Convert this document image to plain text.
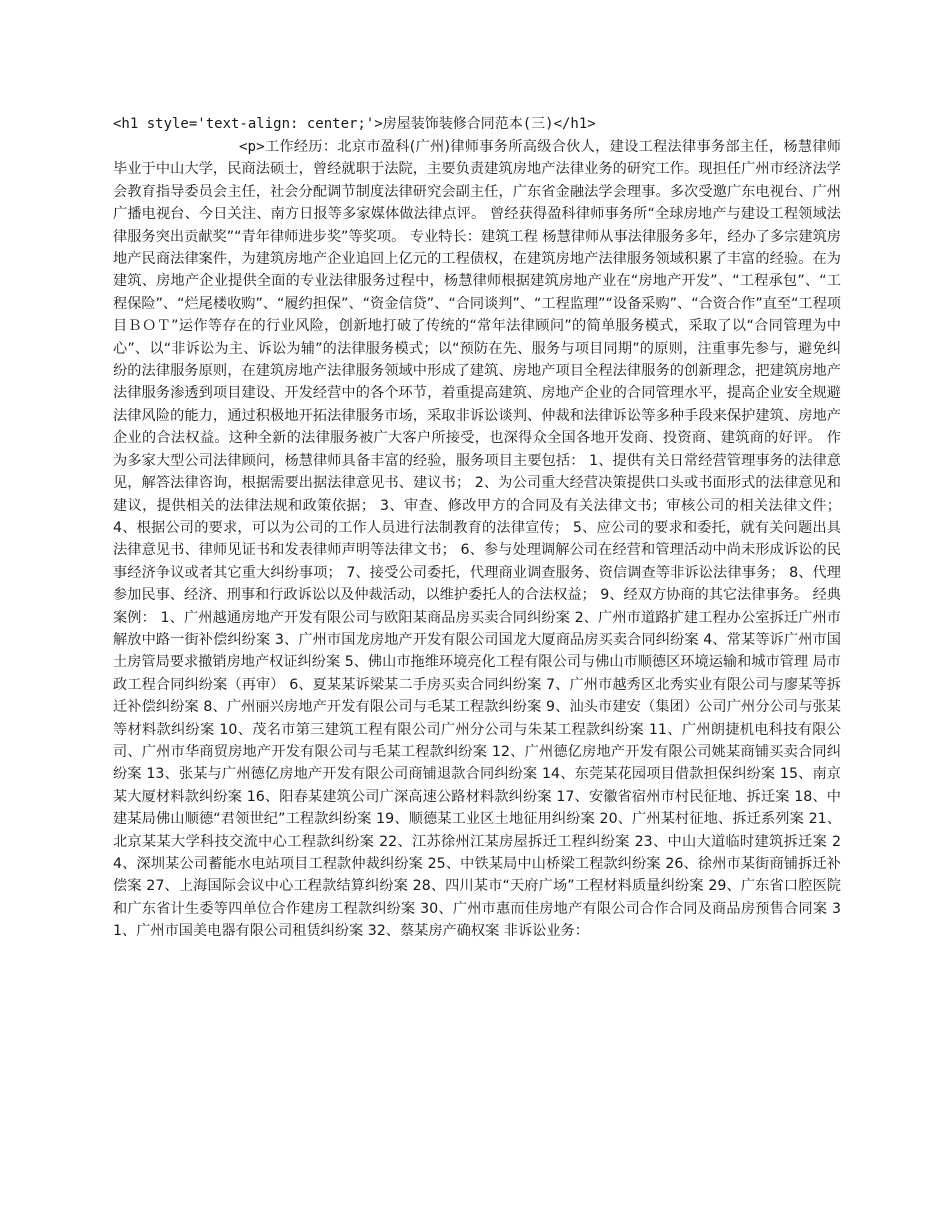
<h1 style='text-align: center;'>房屋装饰装修合同范本(三)</h1>

<p>工作经历：北京市盈科(广州)律师事务所高级合伙人，建设工程法律事务部主任，杨慧律师毕业于中山大学，民商法硕士，曾经就职于法院，主要负责建筑房地产法律业务的研究工作。现担任广州市经济法学会教育指导委员会主任，社会分配调节制度法律研究会副主任，广东省金融法学会理事。多次受邀广东电视台、广州广播电视台、今日关注、南方日报等多家媒体做法律点评。 曾经获得盈科律师事务所“全球房地产与建设工程领域法律服务突出贡献奖”“青年律师进步奖”等奖项。 专业特长：建筑工程 杨慧律师从事法律服务多年，经办了多宗建筑房地产民商法律案件，为建筑房地产企业追回上亿元的工程债权，在建筑房地产法律服务领域积累了丰富的经验。在为建筑、房地产企业提供全面的专业法律服务过程中，杨慧律师根据建筑房地产业在“房地产开发”、“工程承包”、“工程保险”、“烂尾楼收购”、“履约担保”、“资金信贷”、“合同谈判”、“工程监理”“设备采购”、“合资合作”直至“工程项目ＢＯＴ”运作等存在的行业风险，创新地打破了传统的“常年法律顾问”的简单服务模式，采取了以“合同管理为中心”、以“非诉讼为主、诉讼为辅”的法律服务模式；以“预防在先、服务与项目同期”的原则，注重事先参与，避免纠纷的法律服务原则，在建筑房地产法律服务领域中形成了建筑、房地产项目全程法律服务的创新理念，把建筑房地产法律服务渗透到项目建设、开发经营中的各个环节，着重提高建筑、房地产企业的合同管理水平，提高企业安全规避法律风险的能力，通过积极地开拓法律服务市场，采取非诉讼谈判、仲裁和法律诉讼等多种手段来保护建筑、房地产企业的合法权益。这种全新的法律服务被广大客户所接受，也深得众全国各地开发商、投资商、建筑商的好评。 作为多家大型公司法律顾问，杨慧律师具备丰富的经验，服务项目主要包括： 1、提供有关日常经营管理事务的法律意见，解答法律咨询，根据需要出据法律意见书、建议书； 2、为公司重大经营决策提供口头或书面形式的法律意见和建议，提供相关的法律法规和政策依据； 3、审查、修改甲方的合同及有关法律文书；审核公司的相关法律文件； 4、根据公司的要求，可以为公司的工作人员进行法制教育的法律宣传； 5、应公司的要求和委托，就有关问题出具法律意见书、律师见证书和发表律师声明等法律文书； 6、参与处理调解公司在经营和管理活动中尚未形成诉讼的民事经济争议或者其它重大纠纷事项； 7、接受公司委托，代理商业调查服务、资信调查等非诉讼法律事务； 8、代理参加民事、经济、刑事和行政诉讼以及仲裁活动，以维护委托人的合法权益； 9、经双方协商的其它法律事务。 经典案例： 1、广州越通房地产开发有限公司与欧阳某商品房买卖合同纠纷案 2、广州市道路扩建工程办公室拆迁广州市解放中路一街补偿纠纷案 3、广州市国龙房地产开发有限公司国龙大厦商品房买卖合同纠纷案 4、常某等诉广州市国土房管局要求撤销房地产权证纠纷案 5、佛山市拖维环境亮化工程有限公司与佛山市顺德区环境运输和城市管理 局市政工程合同纠纷案（再审） 6、夏某某诉梁某二手房买卖合同纠纷案 7、广州市越秀区北秀实业有限公司与廖某等拆迁补偿纠纷案 8、广州丽兴房地产开发有限公司与毛某工程款纠纷案 9、汕头市建安（集团）公司广州分公司与张某等材料款纠纷案 10、茂名市第三建筑工程有限公司广州分公司与朱某工程款纠纷案 11、广州朗捷机电科技有限公司、广州市华商贸房地产开发有限公司与毛某工程款纠纷案 12、广州德亿房地产开发有限公司姚某商铺买卖合同纠纷案 13、张某与广州德亿房地产开发有限公司商铺退款合同纠纷案 14、东莞某花园项目借款担保纠纷案 15、南京某大厦材料款纠纷案 16、阳春某建筑公司广深高速公路材料款纠纷案 17、安徽省宿州市村民征地、拆迁案 18、中建某局佛山顺德“君领世纪”工程款纠纷案 19、顺德某工业区土地征用纠纷案 20、广州某村征地、拆迁系列案 21、北京某某大学科技交流中心工程款纠纷案 22、江苏徐州江某房屋拆迁工程纠纷案 23、中山大道临时建筑拆迁案 24、深圳某公司蓄能水电站项目工程款仲裁纠纷案 25、中铁某局中山桥梁工程款纠纷案 26、徐州市某街商铺拆迁补偿案 27、上海国际会议中心工程款结算纠纷案 28、四川某市“天府广场”工程材料质量纠纷案 29、广东省口腔医院和广东省计生委等四单位合作建房工程款纠纷案 30、广州市惠而佳房地产有限公司合作合同及商品房预售合同案 31、广州市国美电器有限公司租赁纠纷案 32、蔡某房产确权案 非诉讼业务：
